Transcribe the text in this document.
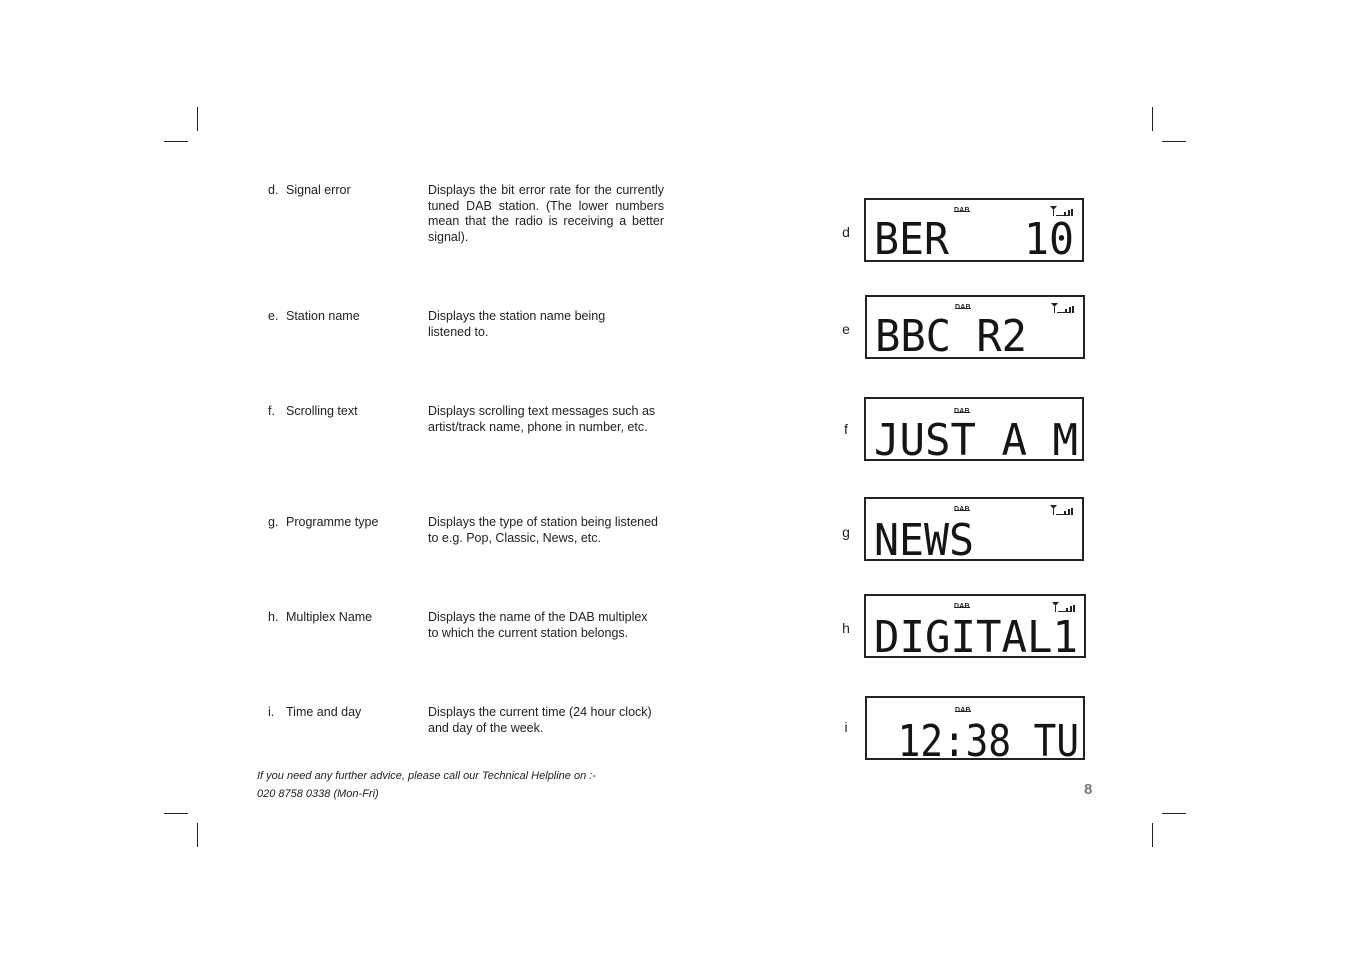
d. Signal error	Displays the bit error rate for the currently tuned DAB station. (The lower numbers mean that the radio is receiving a better signal).
e. Station name	Displays the station name being listened to.
f. Scrolling text	Displays scrolling text messages such as artist/track name, phone in number, etc.
g. Programme type	Displays the type of station being listened to e.g. Pop, Classic, News, etc.
h. Multiplex Name	Displays the name of the DAB multiplex to which the current station belongs.
i. Time and day	Displays the current time (24 hour clock) and day of the week.
d
DAB
BER   10
e
DAB
BBC R2
f
DAB
JUST A M
g
DAB
NEWS
h
DAB
DIGITAL1
i
DAB
12:38 TU
If you need any further advice, please call our Technical Helpline on :-
020 8758 0338 (Mon-Fri)	8
